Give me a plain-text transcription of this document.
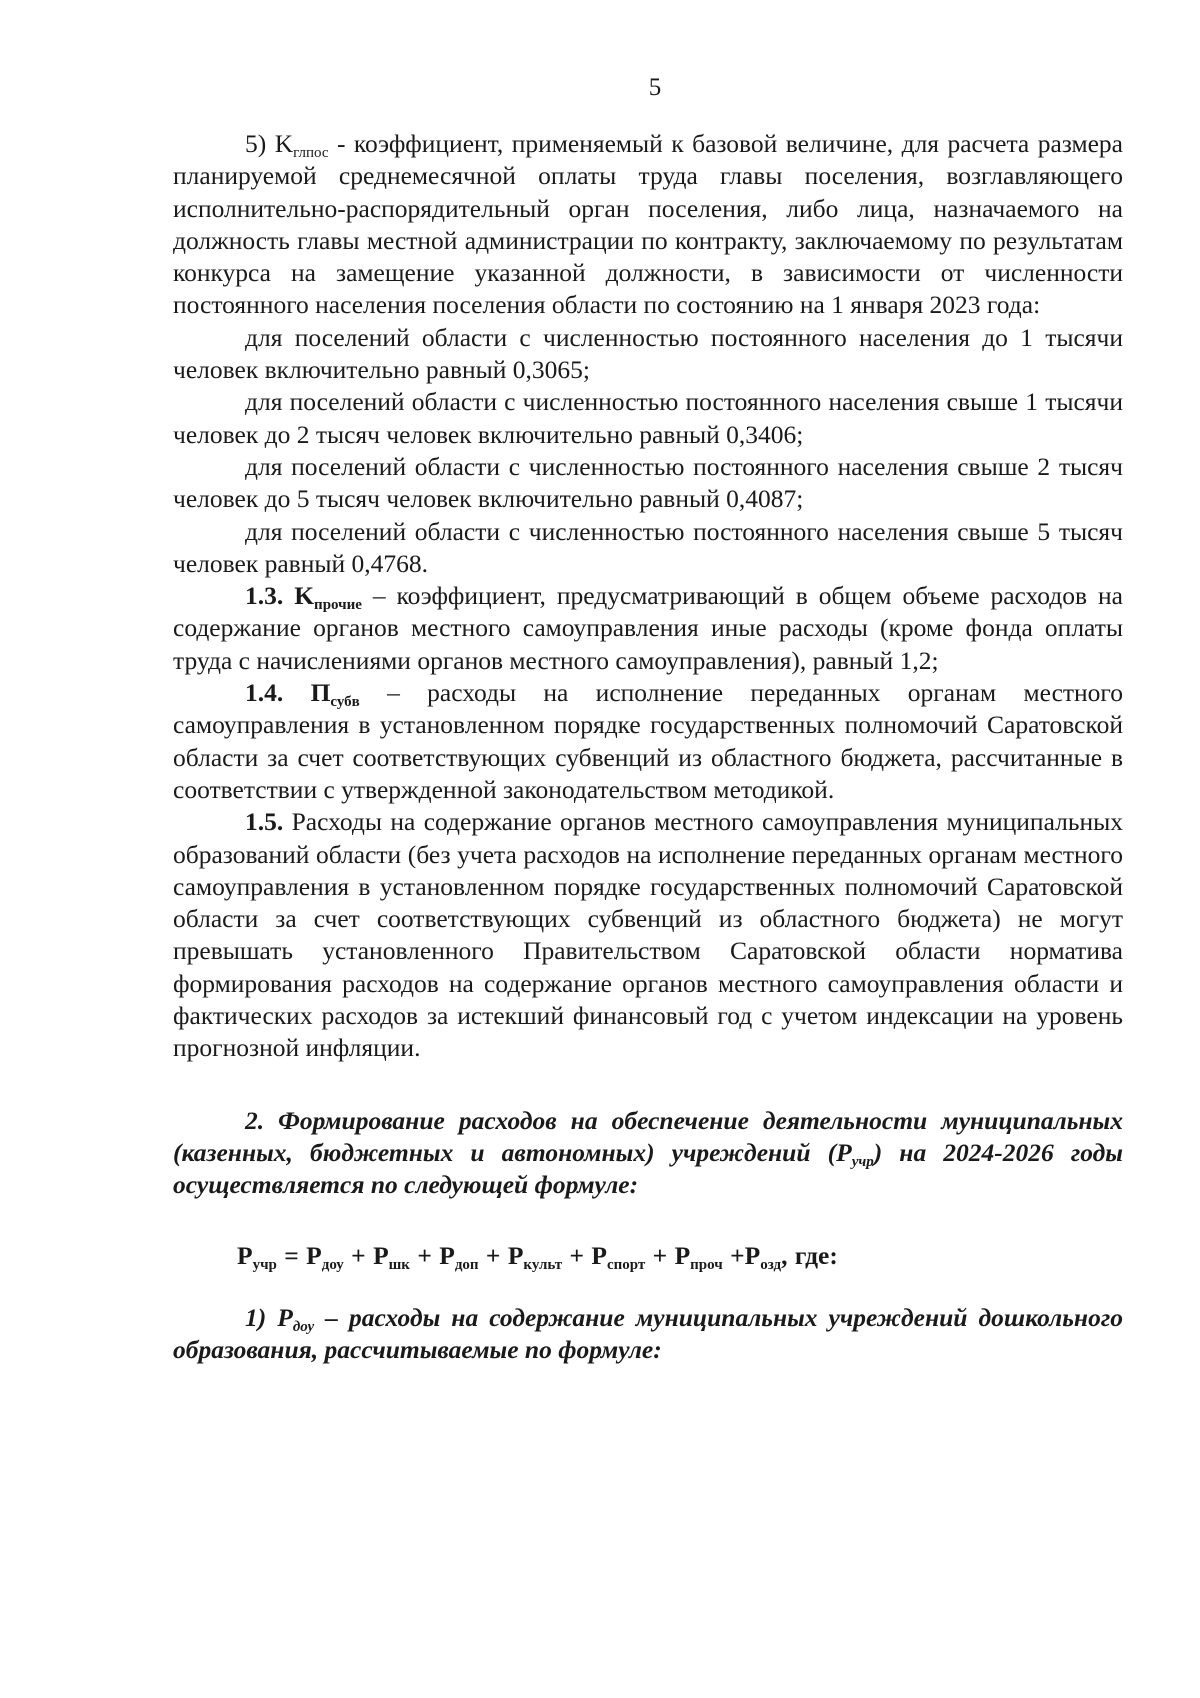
5

5) $K_{глпос}$ - коэффициент, применяемый к базовой величине, для расчета размера планируемой среднемесячной оплаты труда главы поселения, возглавляющего исполнительно-распорядительный орган поселения, либо лица, назначаемого на должность главы местной администрации по контракту, заключаемому по результатам конкурса на замещение указанной должности, в зависимости от численности постоянного населения поселения области по состоянию на 1 января 2023 года:

для поселений области с численностью постоянного населения до 1 тысячи человек включительно равный 0,3065;

для поселений области с численностью постоянного населения свыше 1 тысячи человек до 2 тысяч человек включительно равный 0,3406;

для поселений области с численностью постоянного населения свыше 2 тысяч человек до 5 тысяч человек включительно равный 0,4087;

для поселений области с численностью постоянного населения свыше 5 тысяч человек равный 0,4768.

1.3. $K_{прочие}$ – коэффициент, предусматривающий в общем объеме расходов на содержание органов местного самоуправления иные расходы (кроме фонда оплаты труда с начислениями органов местного самоуправления), равный 1,2;

1.4. $П_{субв}$ – расходы на исполнение переданных органам местного самоуправления в установленном порядке государственных полномочий Саратовской области за счет соответствующих субвенций из областного бюджета, рассчитанные в соответствии с утвержденной законодательством методикой.

1.5. Расходы на содержание органов местного самоуправления муниципальных образований области (без учета расходов на исполнение переданных органам местного самоуправления в установленном порядке государственных полномочий Саратовской области за счет соответствующих субвенций из областного бюджета) не могут превышать установленного Правительством Саратовской области норматива формирования расходов на содержание органов местного самоуправления области и фактических расходов за истекший финансовый год с учетом индексации на уровень прогнозной инфляции.

2. Формирование расходов на обеспечение деятельности муниципальных (казенных, бюджетных и автономных) учреждений $(Р_{учр})$ на 2024-2026 годы осуществляется по следующей формуле:

$Р_{учр} = Р_{доу} + Р_{шк} + Р_{доп} + Р_{культ} + Р_{спорт} + Р_{проч} +Р_{озд}$, где:

1) $Р_{доу}$ – расходы на содержание муниципальных учреждений дошкольного образования, рассчитываемые по формуле:
